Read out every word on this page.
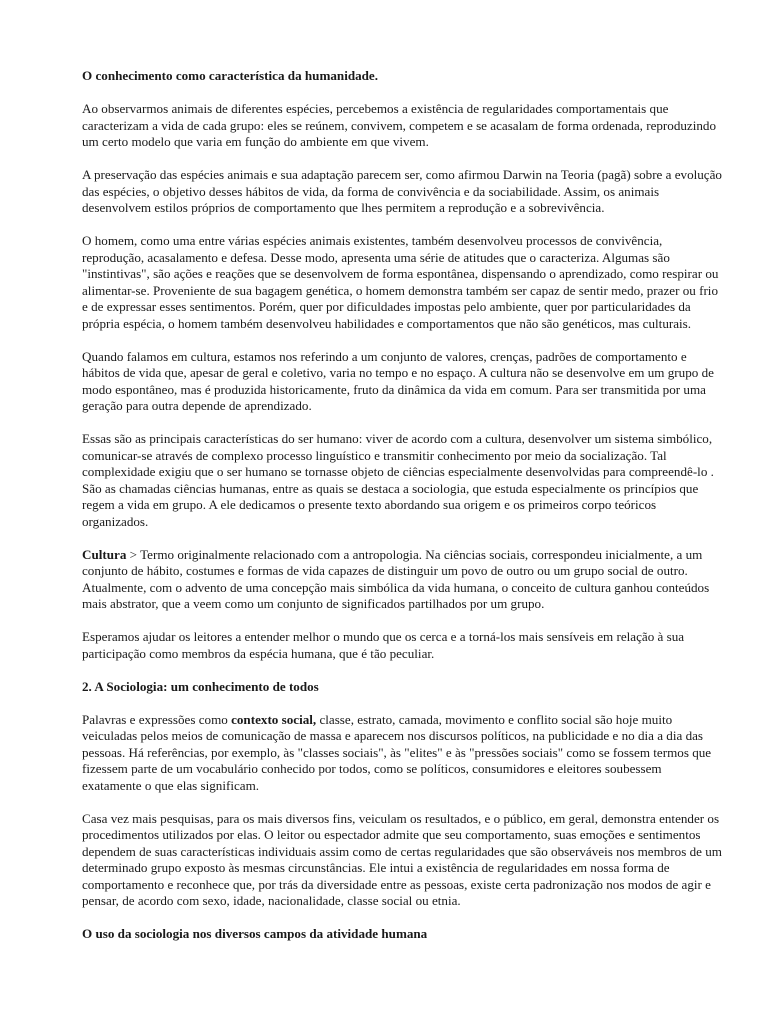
O conhecimento como característica da humanidade.

Ao observarmos animais de diferentes espécies, percebemos a existência de regularidades comportamentais que caracterizam a vida de cada grupo: eles se reúnem, convivem, competem e se acasalam de forma ordenada, reproduzindo um certo modelo que varia em função do ambiente em que vivem.

A preservação das espécies animais e sua adaptação parecem ser, como afirmou Darwin na Teoria (pagã) sobre a evolução das espécies, o objetivo desses hábitos de vida, da forma de convivência e da sociabilidade. Assim, os animais desenvolvem estilos próprios de comportamento que lhes permitem a reprodução e a sobrevivência.

O homem, como uma entre várias espécies animais existentes, também desenvolveu processos de convivência, reprodução, acasalamento e defesa. Desse modo, apresenta uma série de atitudes que o caracteriza. Algumas são "instintivas", são ações e reações que se desenvolvem de forma espontânea, dispensando o aprendizado, como respirar ou alimentar-se. Proveniente de sua bagagem genética, o homem demonstra também ser capaz de sentir medo, prazer ou frio e de expressar esses sentimentos. Porém, quer por dificuldades impostas pelo ambiente, quer por particularidades da própria espécia, o homem também desenvolveu habilidades e comportamentos que não são genéticos, mas culturais.

Quando falamos em cultura, estamos nos referindo a um conjunto de valores, crenças, padrões de comportamento e hábitos de vida que, apesar de geral e coletivo, varia no tempo e no espaço. A cultura não se desenvolve em um grupo de modo espontâneo, mas é produzida historicamente, fruto da dinâmica da vida em comum. Para ser transmitida por uma geração para outra depende de aprendizado.

Essas são as principais características do ser humano: viver de acordo com a cultura, desenvolver um sistema simbólico, comunicar-se através de complexo processo linguístico e transmitir conhecimento por meio da socialização. Tal complexidade exigiu que o ser humano se tornasse objeto de ciências especialmente desenvolvidas para compreendê-lo . São as chamadas ciências humanas, entre as quais se destaca a sociologia, que estuda especialmente os princípios que regem a vida em grupo. A ele dedicamos o presente texto abordando sua origem e os primeiros corpo teóricos organizados.

Cultura > Termo originalmente relacionado com a antropologia. Na ciências sociais, correspondeu inicialmente, a um conjunto de hábito, costumes e formas de vida capazes de distinguir um povo de outro ou um grupo social de outro. Atualmente, com o advento de uma concepção mais simbólica da vida humana, o conceito de cultura ganhou conteúdos mais abstrator, que a veem como um conjunto de significados partilhados por um grupo.

Esperamos ajudar os leitores a entender melhor o mundo que os cerca e a torná-los mais sensíveis em relação à sua participação como membros da espécia humana, que é tão peculiar.

2. A Sociologia: um conhecimento de todos

Palavras e expressões como contexto social, classe, estrato, camada, movimento e conflito social são hoje muito veiculadas pelos meios de comunicação de massa e aparecem nos discursos políticos, na publicidade e no dia a dia das pessoas. Há referências, por exemplo, às "classes sociais", às "elites" e às "pressões sociais" como se fossem termos que fizessem parte de um vocabulário conhecido por todos, como se políticos, consumidores e eleitores soubessem exatamente o que elas significam.

Casa vez mais pesquisas, para os mais diversos fins, veiculam os resultados, e o público, em geral, demonstra entender os procedimentos utilizados por elas. O leitor ou espectador admite que seu comportamento, suas emoções e sentimentos dependem de suas características individuais assim como de certas regularidades que são observáveis nos membros de um determinado grupo exposto às mesmas circunstâncias. Ele intui a existência de regularidades em nossa forma de comportamento e reconhece que, por trás da diversidade entre as pessoas, existe certa padronização nos modos de agir e pensar, de acordo com sexo, idade, nacionalidade, classe social ou etnia.

O uso da sociologia nos diversos campos da atividade humana
